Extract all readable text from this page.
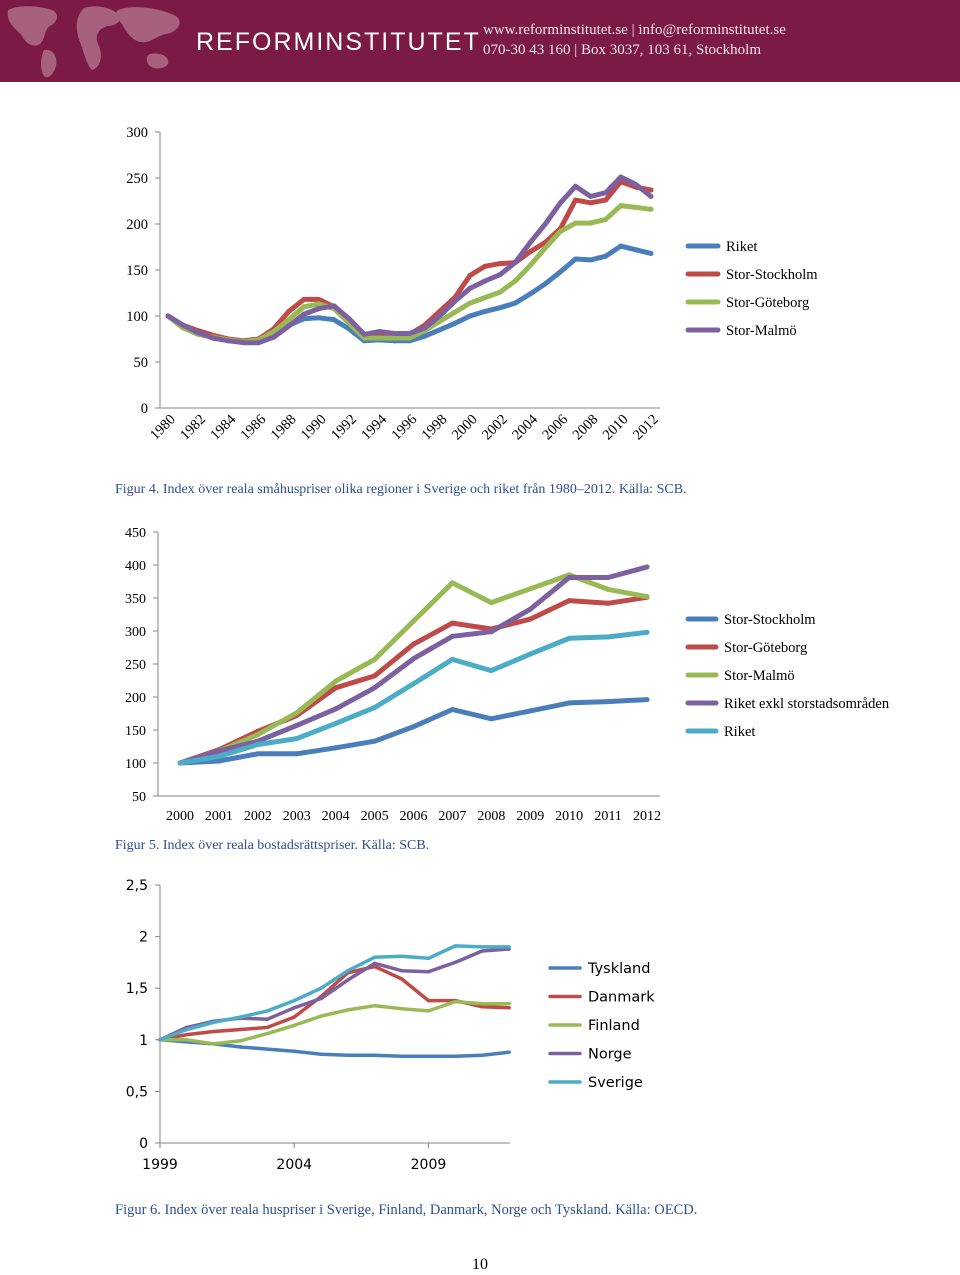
REFORMINSTITUTET www.reforminstitutet.se | info@reforminstitutet.se
070-30 43 160 | Box 3037, 103 61, Stockholm
0
50
100
150
200
250
300
1980
1982
1984
1986
1988
1990
1992
1994
1996
1998
2000
2002
2004
2006
2008
2010
2012
Riket
Stor-Stockholm
Stor-Göteborg
Stor-Malmö
Figur 4. Index över reala småhuspriser olika regioner i Sverige och riket från 1980–2012. Källa: SCB.
50
100
150
200
250
300
350
400
450
2000 2001 2002 2003 2004 2005 2006 2007 2008 2009 2010 2011 2012
Stor-Stockholm
Stor-Göteborg
Stor-Malmö
Riket exkl storstadsområden
Riket
Figur 5. Index över reala bostadsrättspriser. Källa: SCB.
0
0,5
1
1,5
2
2,5
1999	2004	2009
Tyskland
Danmark
Finland
Norge
Sverige
Figur 6. Index över reala huspriser i Sverige, Finland, Danmark, Norge och Tyskland. Källa: OECD.
10
